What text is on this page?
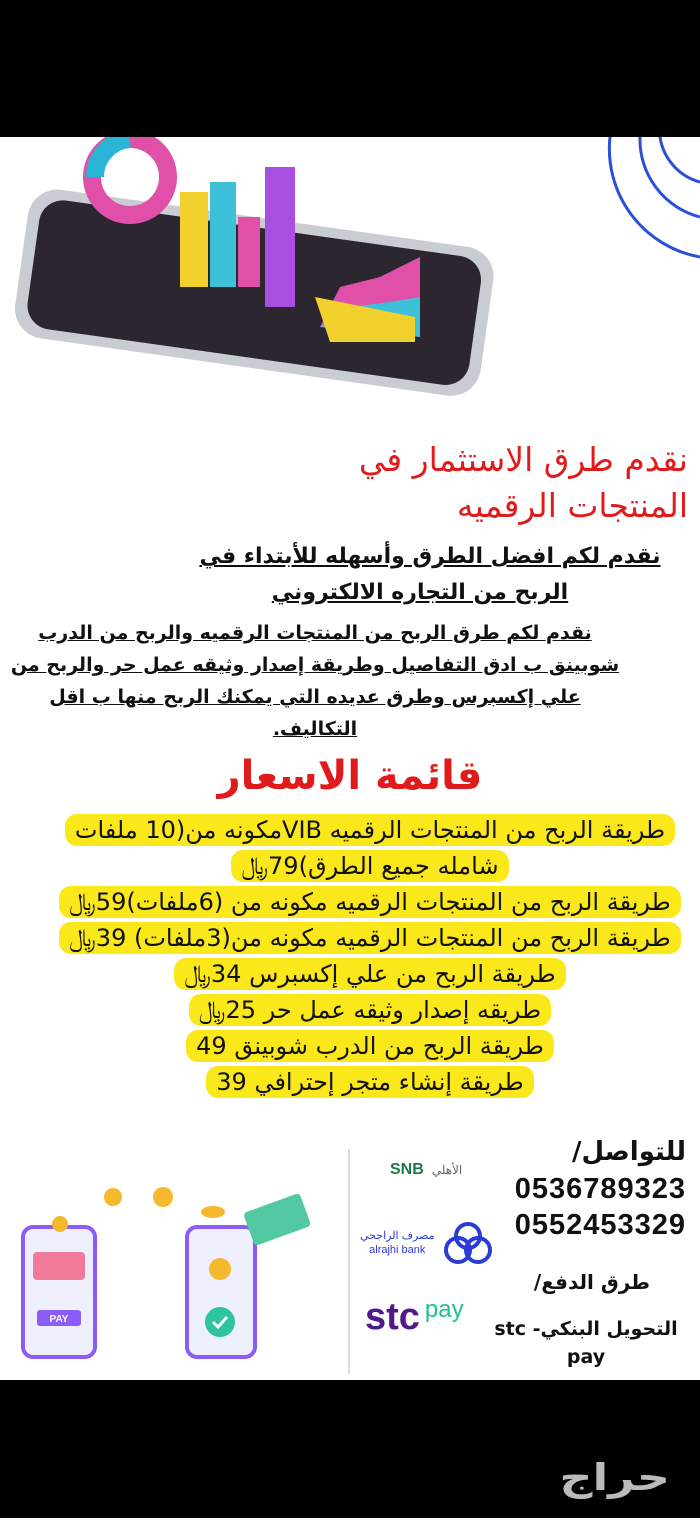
نقدم طرق الاستثمار في
المنتجات الرقميه
نقدم لكم افضل الطرق وأسهله للأبتداء في
الربح من التجاره الالكتروني
نقدم لكم طرق الربح من المنتجات الرقميه والربح من الدرب شوبينق ب ادق التفاصيل وطريقة إصدار وثيقه عمل حر والربح من علي إكسبرس وطرق عديده التي يمكنك الربح منها ب اقل التكاليف.
قائمة الاسعار
طريقة الربح من المنتجات الرقميه VIBمكونه من(10 ملفات شامله جميع الطرق)79﷼
طريقة الربح من المنتجات الرقميه مكونه من (6ملفات)59﷼
طريقة الربح من المنتجات الرقميه مكونه من(3ملفات) 39﷼
طريقة الربح من علي إكسبرس 34﷼
طريقه إصدار وثيقه عمل حر 25﷼
طريقة الربح من الدرب شوبينق 49
طريقة إنشاء متجر إحترافي 39
PAY
SNB الأهلي
مصرف الراجحي
alrajhi bank
stc pay
للتواصل/
0536789323
0552453329
طرق الدفع/
التحويل البنكي- stc pay
حراج
